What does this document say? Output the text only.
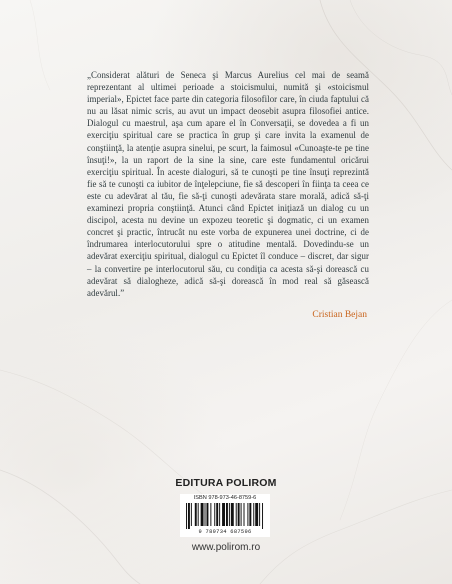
„Considerat alături de Seneca şi Marcus Aurelius cel mai de seamă reprezentant al ultimei perioade a stoicismului, numită şi «stoicismul imperial», Epictet face parte din categoria filosofilor care, în ciuda faptului că nu au lăsat nimic scris, au avut un impact deosebit asupra filosofiei antice. Dialogul cu maestrul, aşa cum apare el în Conversaţii, se dovedea a fi un exerciţiu spiritual care se practica în grup şi care invita la examenul de conştiinţă, la atenţie asupra sinelui, pe scurt, la faimosul «Cunoaşte-te pe tine însuţi!», la un raport de la sine la sine, care este fundamentul oricărui exerciţiu spiritual. În aceste dialoguri, să te cunoşti pe tine însuţi reprezintă fie să te cunoşti ca iubitor de înţelepciune, fie să descoperi în fiinţa ta ceea ce este cu adevărat al tău, fie să-ţi cunoşti adevărata stare morală, adică să-ţi examinezi propria conştiinţă. Atunci când Epictet iniţiază un dialog cu un discipol, acesta nu devine un expozeu teoretic şi dogmatic, ci un examen concret şi practic, întrucât nu este vorba de expunerea unei doctrine, ci de îndrumarea interlocutorului spre o atitudine mentală. Dovedindu-se un adevărat exerciţiu spiritual, dialogul cu Epictet îl conduce – discret, dar sigur – la convertire pe interlocutorul său, cu condiţia ca acesta să-şi dorească cu adevărat să dialogheze, adică să-şi dorească în mod real să găsească adevărul.”

Cristian Bejan

EDITURA POLIROM
ISBN 978-973-46-8759-6
9 789734 687596
www.polirom.ro
